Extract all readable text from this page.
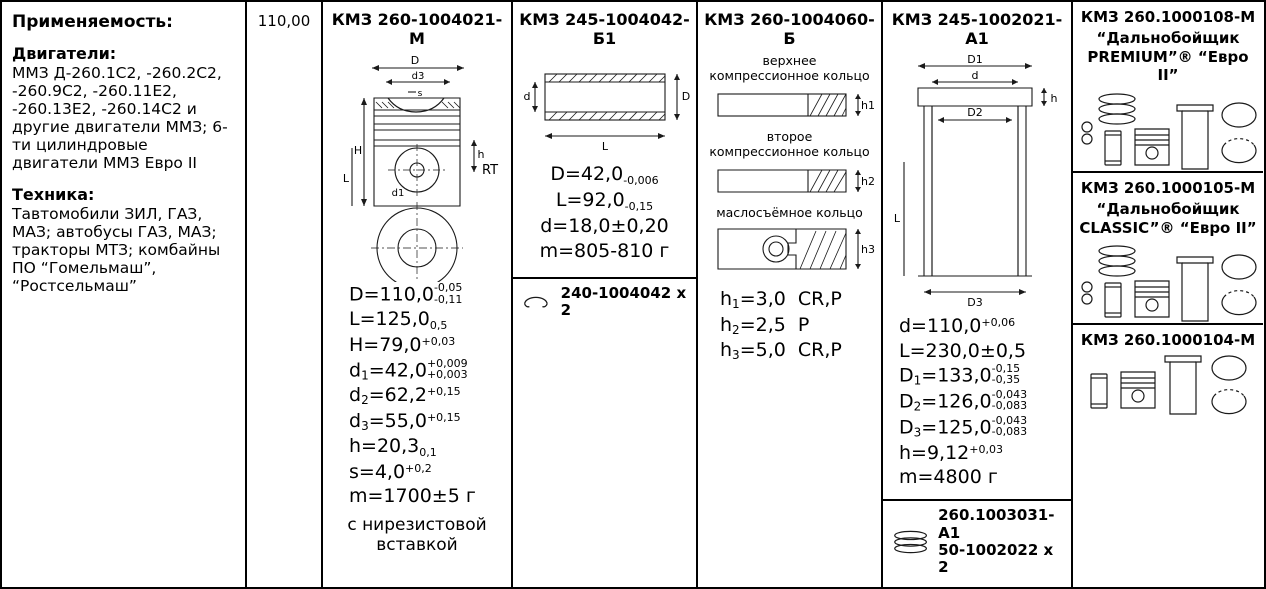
Применяемость:
Двигатели:
ММЗ Д-260.1С2, -260.2С2, -260.9С2, -260.11Е2, -260.13Е2, -260.14С2 и другие двигатели ММЗ; 6-ти цилиндровые двигатели ММЗ Евро II
Техника:
Тавтомобили ЗИЛ, ГАЗ, МАЗ; автобусы ГАЗ, МАЗ; тракторы МТЗ; комбайны ПО “Гомельмаш”, “Ростсельмаш”
110,00	КМЗ 260-1004021-М
D
d3
s
H
L
h
RT
d1
D=110,0-0,05
-0,11
$L=125,0_{0,5}$
$H=79,0^{+0,03}$
d1=42,0+0,009
+0,003
$d2=62,2^{+0,15}$
$d3=55,0^{+0,15}$
$h=20,3_{0,1}$
$s=4,0^{+0,2}$
m=1700±5 г
с нирезистовой вставкой
КМЗ 245-1004042-Б1
d	D
L
$D=42,0_{-0,006}$
$L=92,0_{-0,15}$
d=18,0±0,20
m=805-810 г
240-1004042 x 2
КМЗ 260-1004060-Б
верхнее
компрессионное кольцо
h1
второе
компрессионное кольцо
h2
маслосъёмное кольцо
h3
h1=3,0  CR,P
h2=2,5  P
h3=5,0  CR,P
КМЗ 245-1002021-А1
D1
d
D2
h
L
D3
$d=110,0^{+0,06}$
L=230,0±0,5
D1=133,0-0,15
-0,35
D2=126,0-0,043
-0,083
D3=125,0-0,043
-0,083
$h=9,12^{+0,03}$
m=4800 г
260.1003031-А1
50-1002022 x 2
КМЗ 260.1000108-М
“Дальнобойщик
PREMIUM”® “Евро II”
КМЗ 260.1000105-М
“Дальнобойщик
CLASSIC”® “Евро II”
КМЗ 260.1000104-М
